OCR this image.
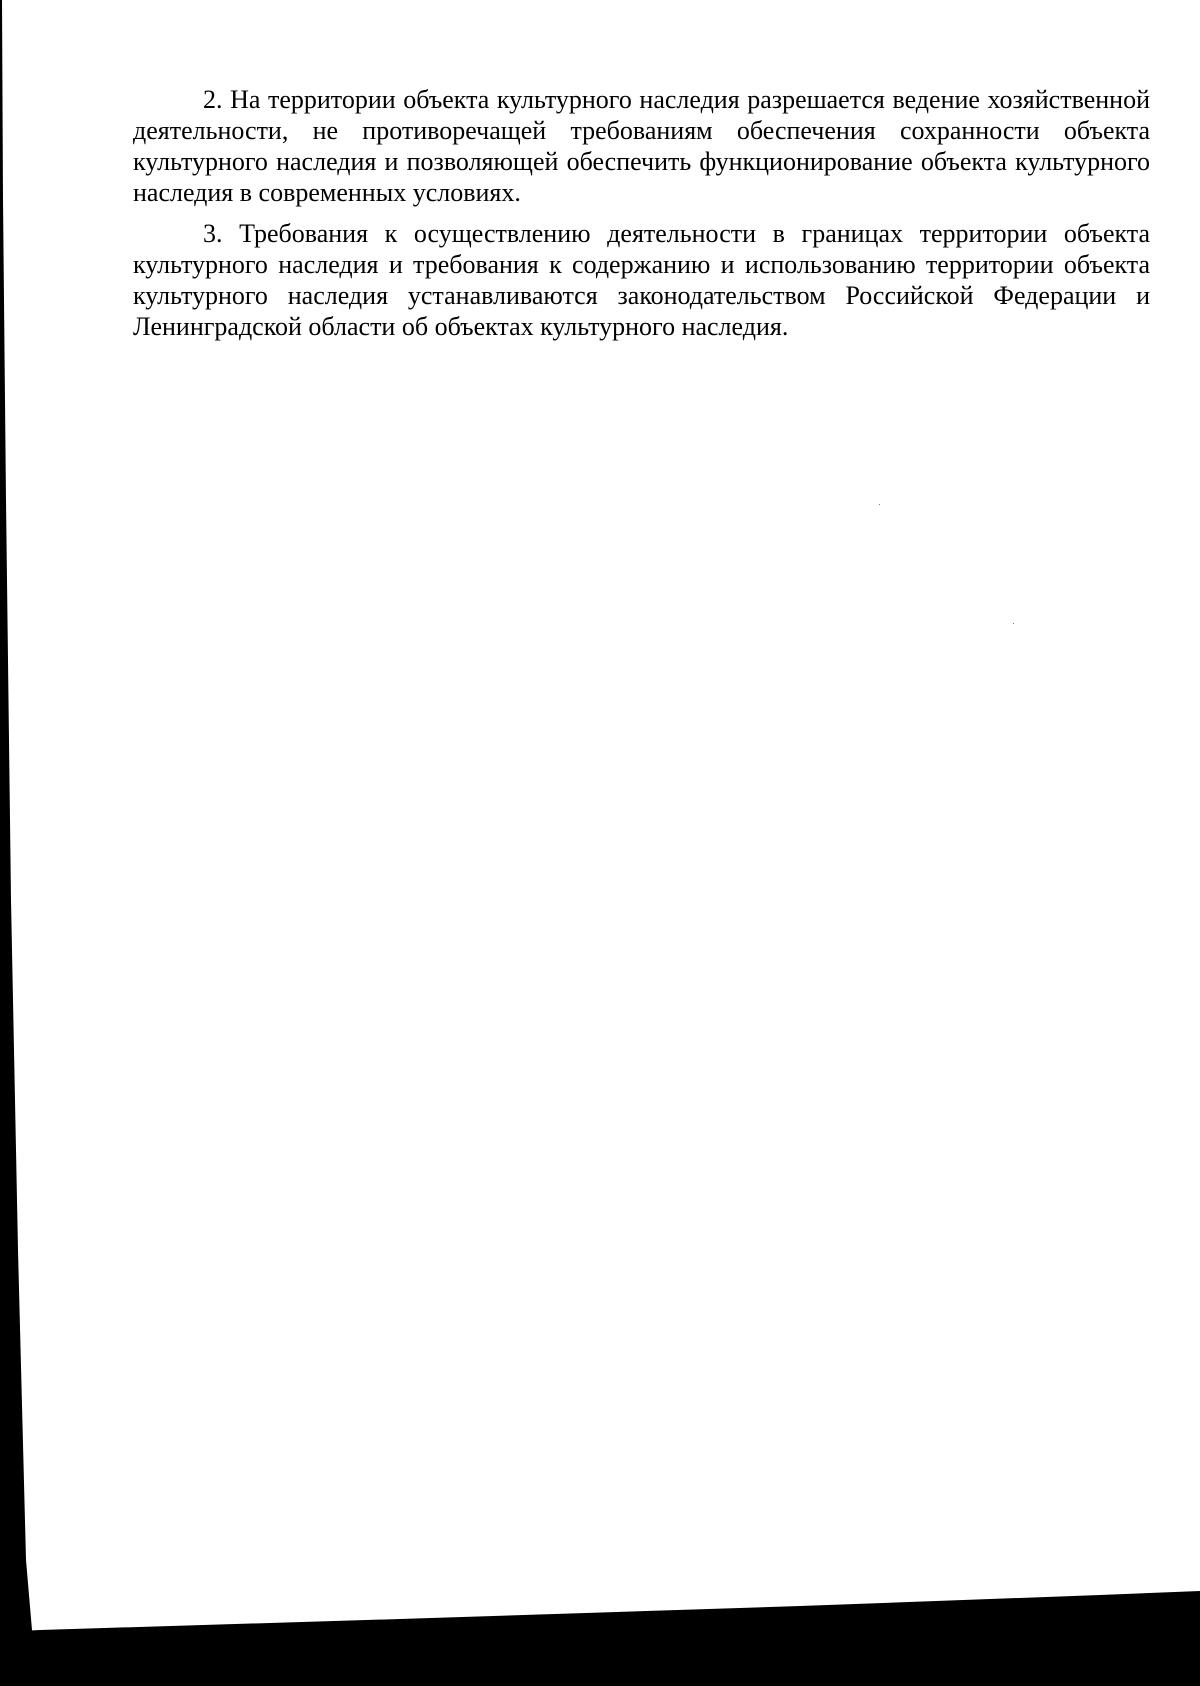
2. На территории объекта культурного наследия разрешается ведение хозяйственной деятельности, не противоречащей требованиям обеспечения сохранности объекта культурного наследия и позволяющей обеспечить функционирование объекта культурного наследия в современных условиях.

3. Требования к осуществлению деятельности в границах территории объекта культурного наследия и требования к содержанию и использованию территории объекта культурного наследия устанавливаются законодательством Российской Федерации и Ленинградской области об объектах культурного наследия.
